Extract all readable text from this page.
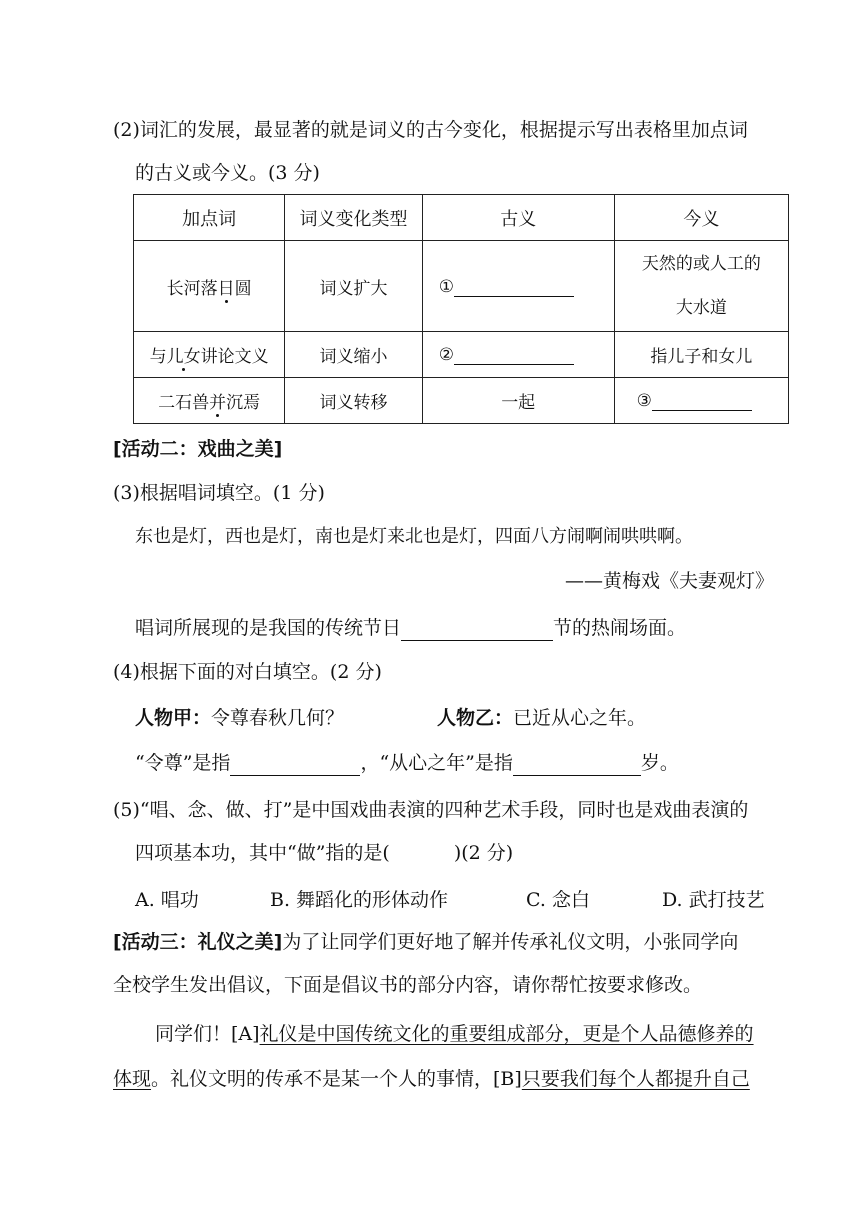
(2)词汇的发展，最显著的就是词义的古今变化，根据提示写出表格里加点词
的古义或今义。(3 分)
加点词	词义变化类型	古义	今义
长河落日圆	词义扩大	①	天然的或人工的
大水道
与儿女讲论文义	词义缩小	②	指儿子和女儿
二石兽并沉焉	词义转移	一起	③
[活动二：戏曲之美]
(3)根据唱词填空。(1 分)
东也是灯，西也是灯，南也是灯来北也是灯，四面八方闹啊闹哄哄啊。
——黄梅戏《夫妻观灯》
唱词所展现的是我国的传统节日	节的热闹场面。
(4)根据下面的对白填空。(2 分)
人物甲：令尊春秋几何？	人物乙：已近从心之年。
“令尊”是指	，“从心之年”是指	岁。
(5)“唱、念、做、打”是中国戏曲表演的四种艺术手段，同时也是戏曲表演的
四项基本功，其中“做”指的是(	)(2 分)
A. 唱功	B. 舞蹈化的形体动作	C. 念白	D. 武打技艺
[活动三：礼仪之美]为了让同学们更好地了解并传承礼仪文明，小张同学向
全校学生发出倡议，下面是倡议书的部分内容，请你帮忙按要求修改。
同学们！[A]礼仪是中国传统文化的重要组成部分，更是个人品德修养的
体现。礼仪文明的传承不是某一个人的事情，[B]只要我们每个人都提升自己
